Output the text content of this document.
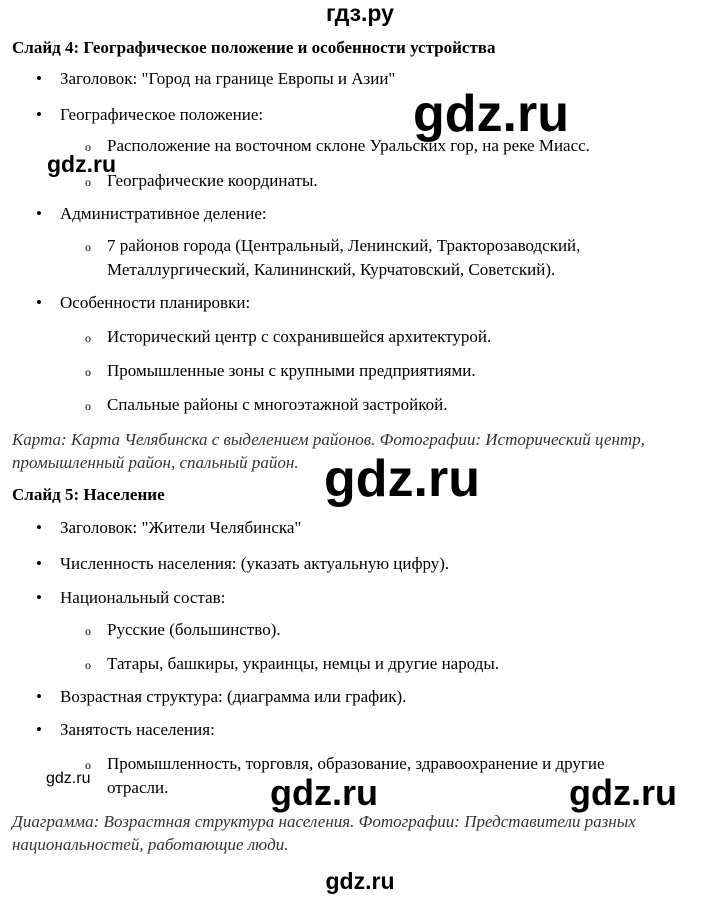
гдз.ру
Слайд 4: Географическое положение и особенности устройства
• Заголовок: "Город на границе Европы и Азии"
• Географическое положение:
o Расположение на восточном склоне Уральских гор, на реке Миасс.
o Географические координаты.
• Административное деление:
o 7 районов города (Центральный, Ленинский, Тракторозаводский,
Металлургический, Калининский, Курчатовский, Советский).
• Особенности планировки:
o Исторический центр с сохранившейся архитектурой.
o Промышленные зоны с крупными предприятиями.
o Спальные районы с многоэтажной застройкой.
Карта: Карта Челябинска с выделением районов. Фотографии: Исторический центр,
промышленный район, спальный район.
Слайд 5: Население
• Заголовок: "Жители Челябинска"
• Численность населения: (указать актуальную цифру).
• Национальный состав:
o Русские (большинство).
o Татары, башкиры, украинцы, немцы и другие народы.
• Возрастная структура: (диаграмма или график).
• Занятость населения:
o Промышленность, торговля, образование, здравоохранение и другие
отрасли.
Диаграмма: Возрастная структура населения. Фотографии: Представители разных
национальностей, работающие люди.
gdz.ru
gdz.ru
gdz.ru
gdz.ru	gdz.ru	gdz.ru
gdz.ru
